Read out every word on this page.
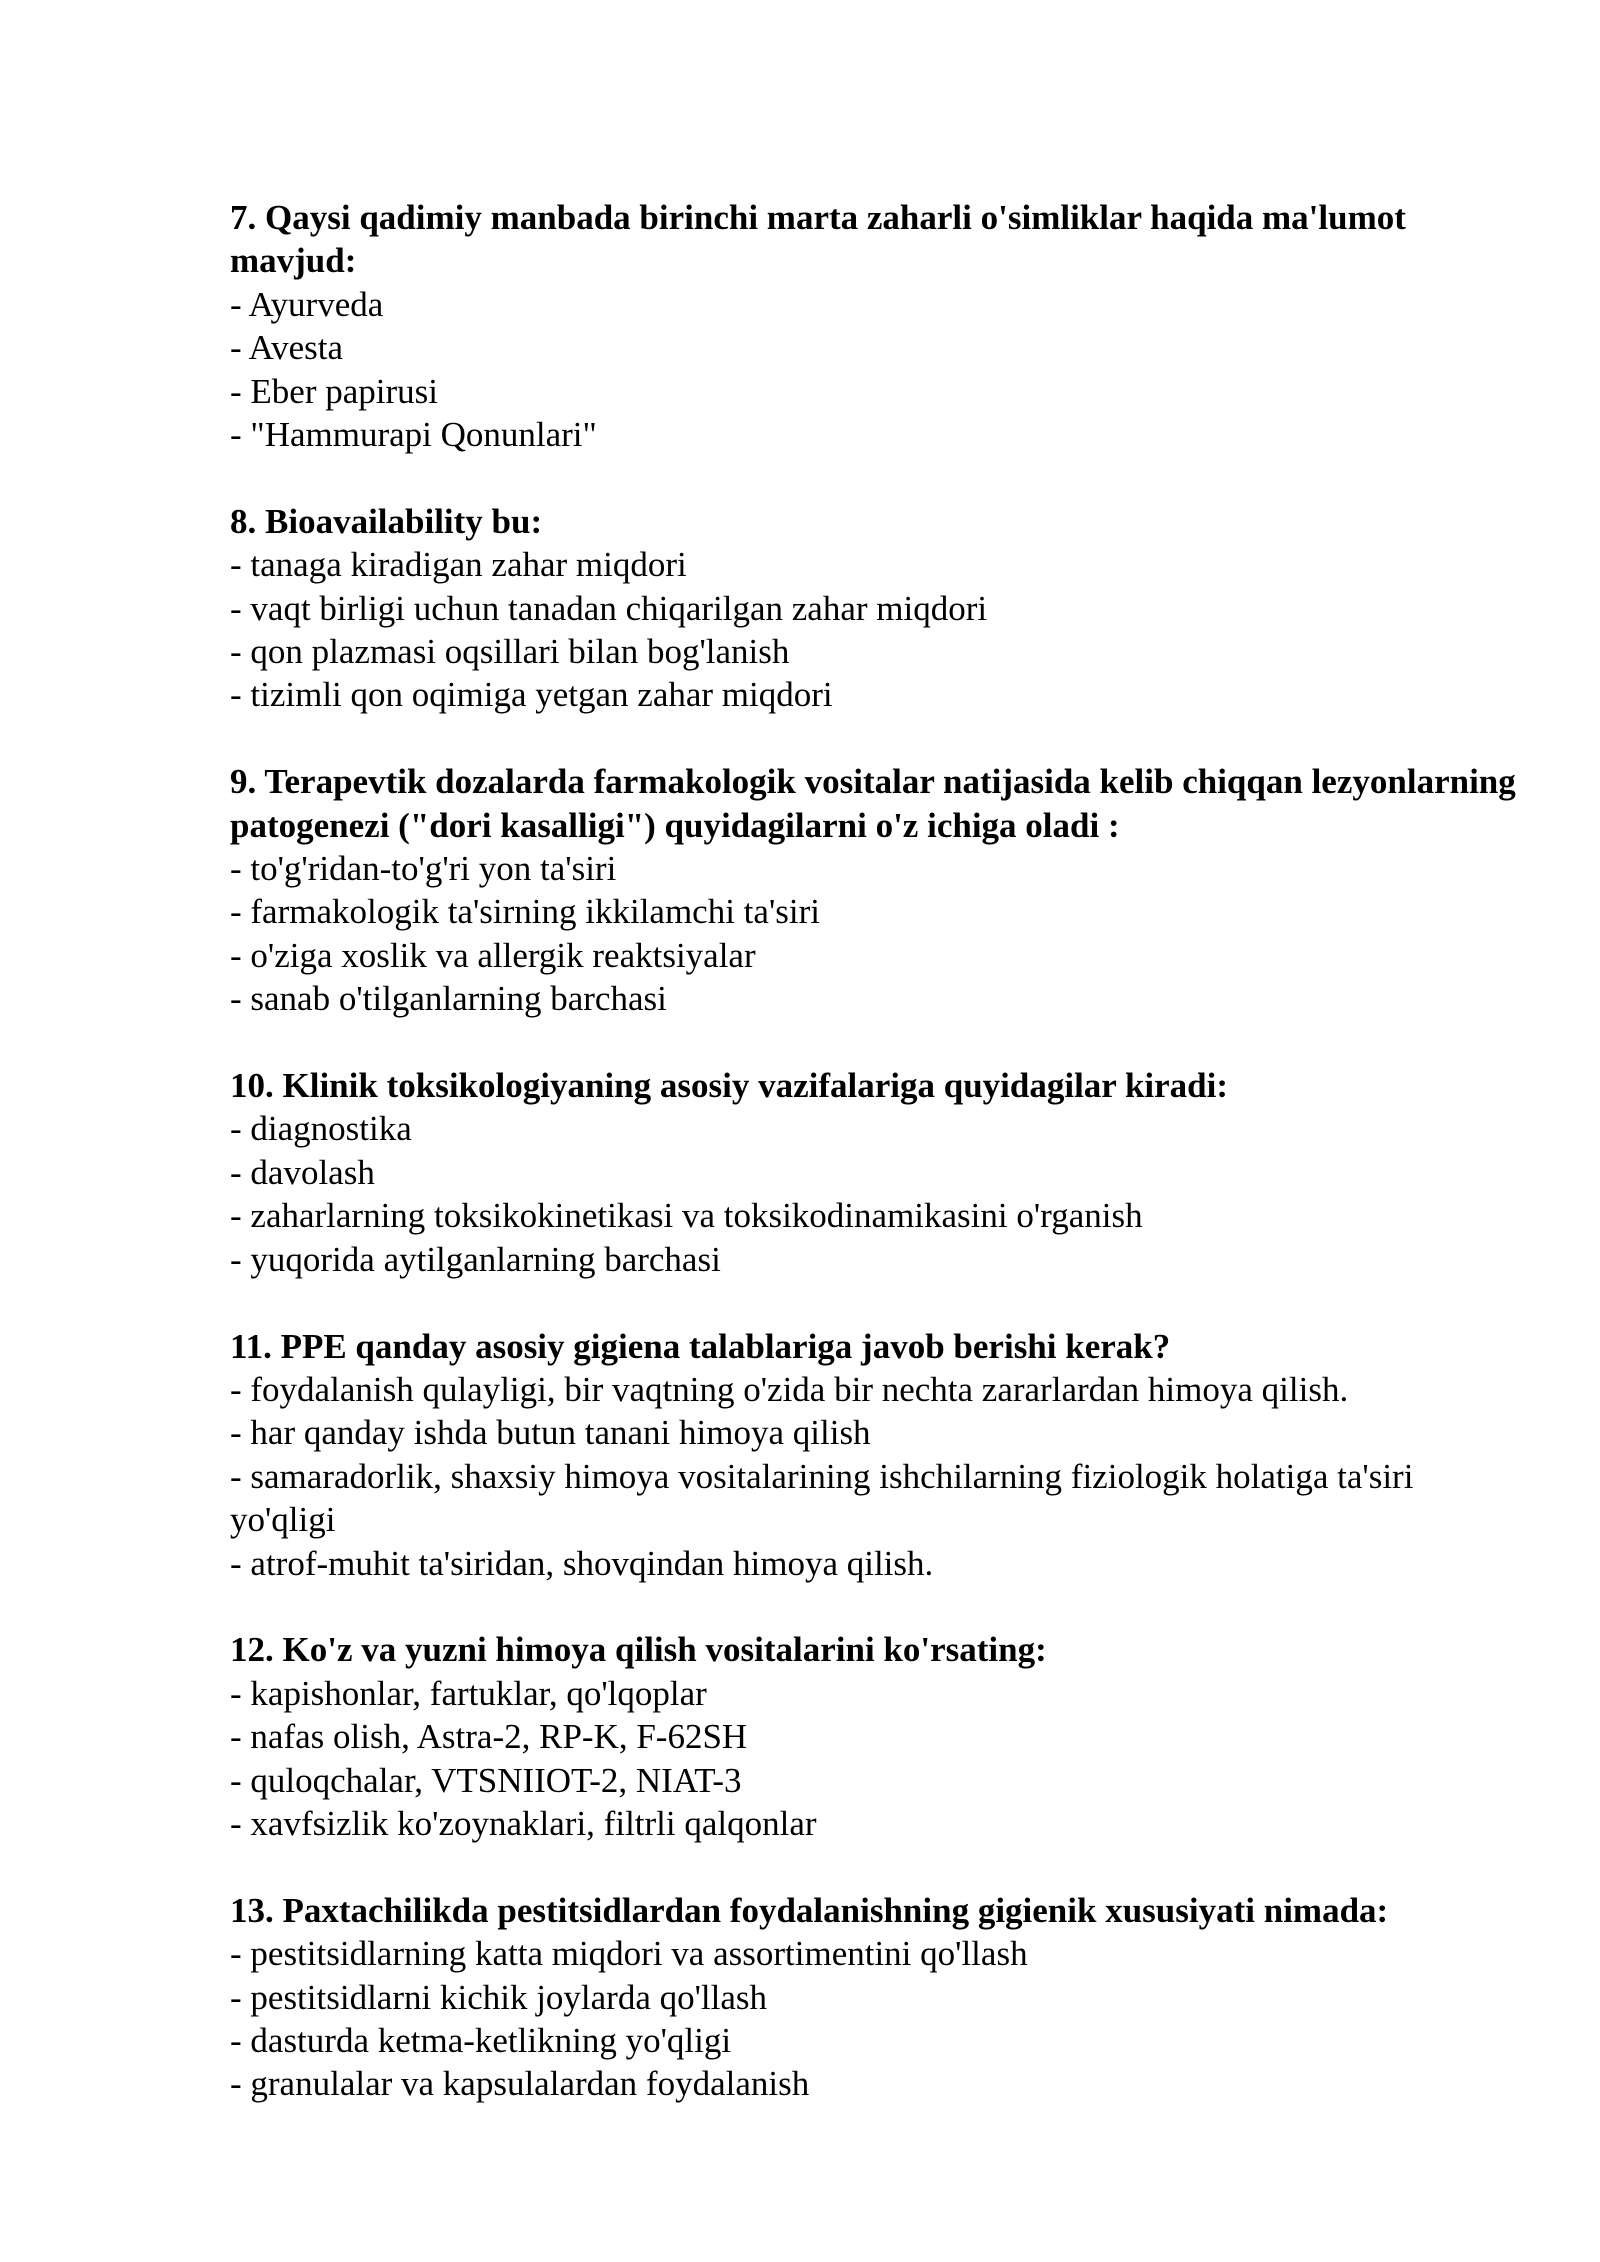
7. Qaysi qadimiy manbada birinchi marta zaharli o'simliklar haqida ma'lumot mavjud:
- Ayurveda
- Avesta
- Eber papirusi
- "Hammurapi Qonunlari"
8. Bioavailability bu:
- tanaga kiradigan zahar miqdori
- vaqt birligi uchun tanadan chiqarilgan zahar miqdori
- qon plazmasi oqsillari bilan bog'lanish
- tizimli qon oqimiga yetgan zahar miqdori
9. Terapevtik dozalarda farmakologik vositalar natijasida kelib chiqqan lezyonlarning patogenezi ("dori kasalligi") quyidagilarni o'z ichiga oladi :
- to'g'ridan-to'g'ri yon ta'siri
- farmakologik ta'sirning ikkilamchi ta'siri
- o'ziga xoslik va allergik reaktsiyalar
- sanab o'tilganlarning barchasi
10. Klinik toksikologiyaning asosiy vazifalariga quyidagilar kiradi:
- diagnostika
- davolash
- zaharlarning toksikokinetikasi va toksikodinamikasini o'rganish
- yuqorida aytilganlarning barchasi
11. PPE qanday asosiy gigiena talablariga javob berishi kerak?
- foydalanish qulayligi, bir vaqtning o'zida bir nechta zararlardan himoya qilish.
- har qanday ishda butun tanani himoya qilish
- samaradorlik, shaxsiy himoya vositalarining ishchilarning fiziologik holatiga ta'siri yo'qligi
- atrof-muhit ta'siridan, shovqindan himoya qilish.
12. Ko'z va yuzni himoya qilish vositalarini ko'rsating:
- kapishonlar, fartuklar, qo'lqoplar
- nafas olish, Astra-2, RP-K, F-62SH
- quloqchalar, VTSNIIOT-2, NIAT-3
- xavfsizlik ko'zoynaklari, filtrli qalqonlar
13. Paxtachilikda pestitsidlardan foydalanishning gigienik xususiyati nimada:
- pestitsidlarning katta miqdori va assortimentini qo'llash
- pestitsidlarni kichik joylarda qo'llash
- dasturda ketma-ketlikning yo'qligi
- granulalar va kapsulalardan foydalanish
